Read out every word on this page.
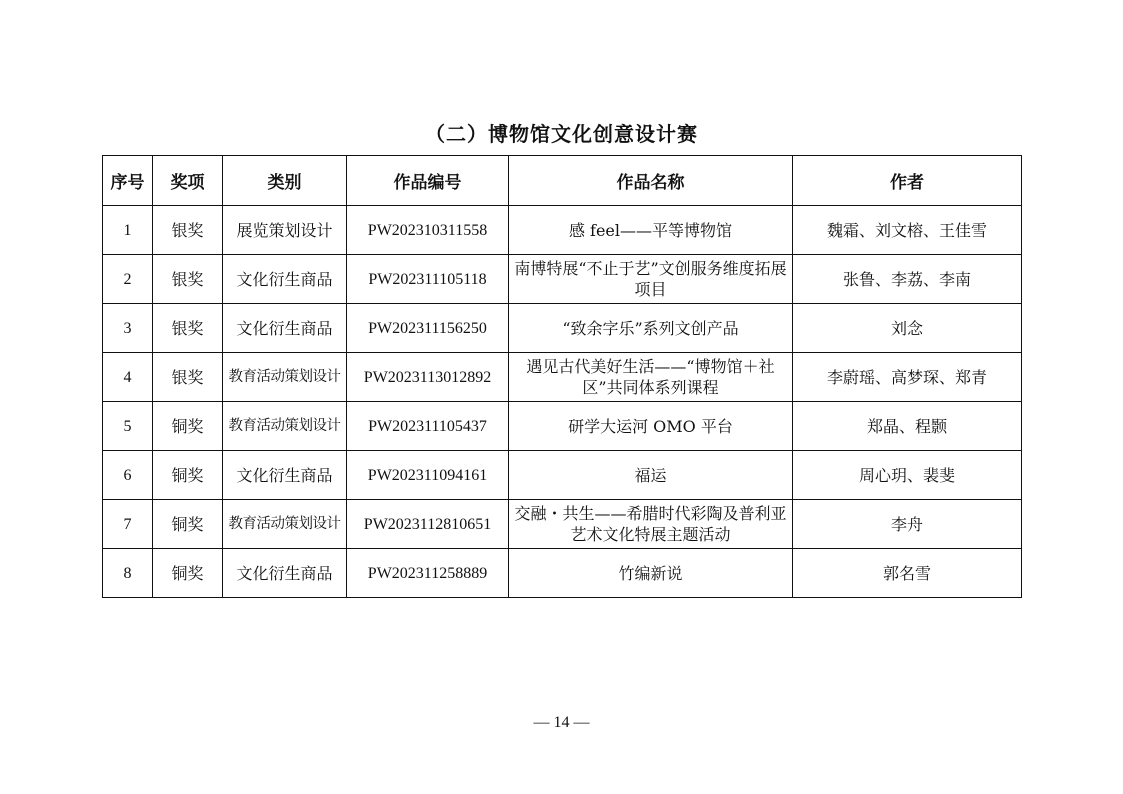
（二）博物馆文化创意设计赛
序号	奖项	类别	作品编号	作品名称	作者
1	银奖	展览策划设计	PW202310311558	感 feel——平等博物馆	魏霜、刘文榕、王佳雪
2	银奖	文化衍生商品	PW202311105118	南博特展“不止于艺”文创服务维度拓展项目	张鲁、李荔、李南
3	银奖	文化衍生商品	PW202311156250	“致余字乐”系列文创产品	刘念
4	银奖	教育活动策划设计	PW2023113012892	遇见古代美好生活——“博物馆＋社区”共同体系列课程	李蔚瑶、高梦琛、郑青
5	铜奖	教育活动策划设计	PW202311105437	研学大运河 OMO 平台	郑晶、程颢
6	铜奖	文化衍生商品	PW202311094161	福运	周心玥、裴斐
7	铜奖	教育活动策划设计	PW2023112810651	交融・共生——希腊时代彩陶及普利亚艺术文化特展主题活动	李舟
8	铜奖	文化衍生商品	PW202311258889	竹编新说	郭名雪
— 14 —
